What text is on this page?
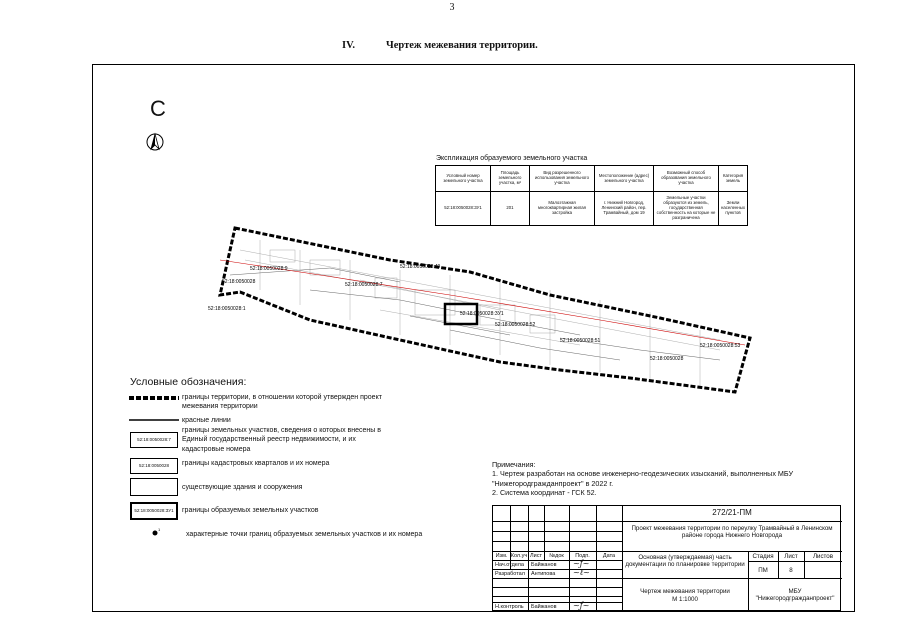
3
IV.	Чертеж межевания территории.
С
Экспликация образуемого земельного участка
Условный номер земельного участка	Площадь земельного участка, м²	Вид разрешенного использования земельного участка	Местоположение (адрес) земельного участка	Возможный способ образования земельного участка	Категория земель
52:18:0050028:ЗУ1	201	Малоэтажная многоквартирная жилая застройка	г. Нижний Новгород, Ленинский район, пер. Трамвайный, дом 19	Земельные участки образуются из земель, государственная собственность на которые не разграничена	Земли населенных пунктов
52:18:0050028:9
52:18:0050028	52:18:0050028:7
52:18:0050028:1
52:18:0050028:49
52:18:0050028:ЗУ1
52:18:0050028:52
52:18:0050028:51
52:18:0050028:53
52:18:0050028
Условные обозначения:
границы территории, в отношении которой утвержден проект межевания территории
красные линии
52:18:0050028:7
границы земельных участков, сведения о которых внесены в Единый государственный реестр недвижимости, и их кадастровые номера
52:18:0050028	границы кадастровых кварталов и их номера
существующие здания и сооружения
52:18:0050028:ЗУ1	границы образуемых земельных участков
1
характерные точки границ образуемых земельных участков и их номера
Примечания:
1. Чертеж разработан на основе инженерно-геодезических изысканий, выполненных МБУ
"Нижегородгражданпроект" в 2022 г.
2. Система координат - ГСК 52.
272/21-ПМ
Проект межевания территории по переулку Трамвайный в Ленинском районе города Нижнего Новгорода
Изм. Кол.уч Лист	№док	Подп.	Дата
Нач.отдела Байжанов ~ƒ~
Разработал Антипова ~ℓ~
Н.контроль Байжанов ~ƒ~
Основная (утверждаемая) часть документации по планировке территории
Стадия	Лист	Листов
ПМ	8
Чертеж межевания территории
М 1:1000
МБУ "Нижегородгражданпроект"
